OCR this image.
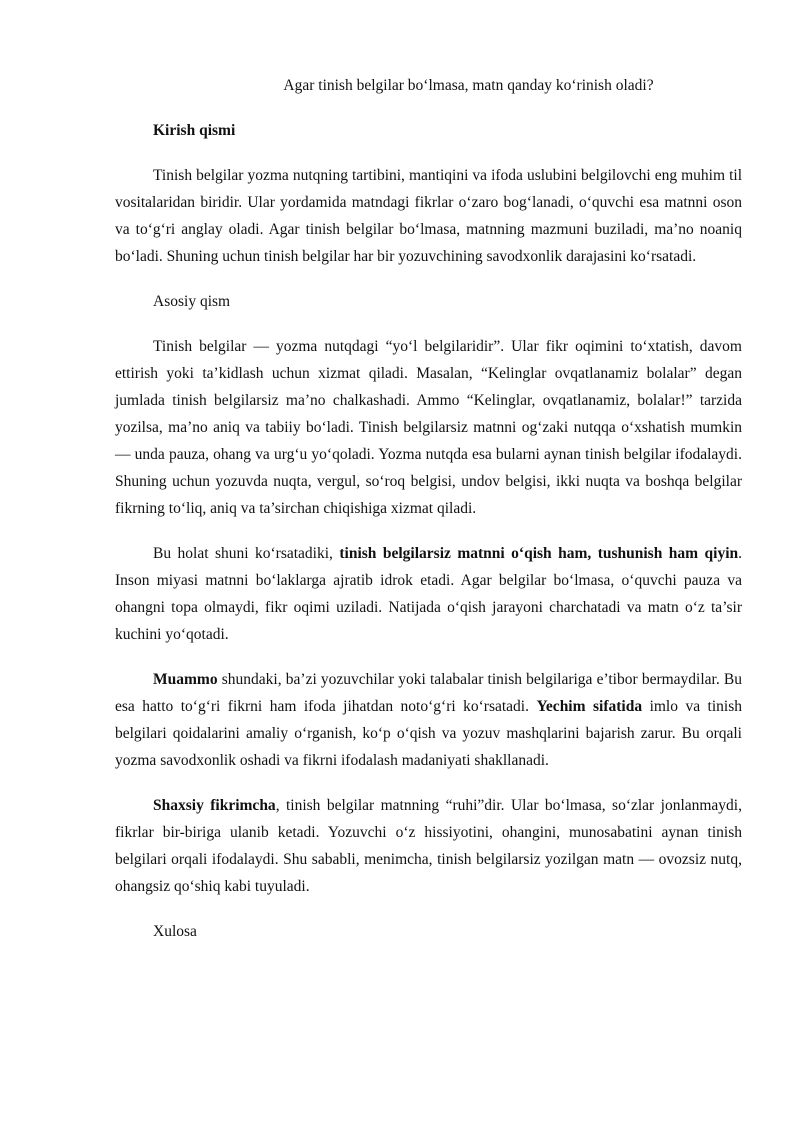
Agar tinish belgilar bo‘lmasa, matn qanday ko‘rinish oladi?
Kirish qismi

Tinish belgilar yozma nutqning tartibini, mantiqini va ifoda uslubini belgilovchi eng muhim til vositalaridan biridir. Ular yordamida matndagi fikrlar o‘zaro bog‘lanadi, o‘quvchi esa matnni oson va to‘g‘ri anglay oladi. Agar tinish belgilar bo‘lmasa, matnning mazmuni buziladi, ma’no noaniq bo‘ladi. Shuning uchun tinish belgilar har bir yozuvchining savodxonlik darajasini ko‘rsatadi.

Asosiy qism

Tinish belgilar — yozma nutqdagi “yo‘l belgilaridir”. Ular fikr oqimini to‘xtatish, davom ettirish yoki ta’kidlash uchun xizmat qiladi. Masalan, “Kelinglar ovqatlanamiz bolalar” degan jumlada tinish belgilarsiz ma’no chalkashadi. Ammo “Kelinglar, ovqatlanamiz, bolalar!” tarzida yozilsa, ma’no aniq va tabiiy bo‘ladi. Tinish belgilarsiz matnni og‘zaki nutqqa o‘xshatish mumkin — unda pauza, ohang va urg‘u yo‘qoladi. Yozma nutqda esa bularni aynan tinish belgilar ifodalaydi. Shuning uchun yozuvda nuqta, vergul, so‘roq belgisi, undov belgisi, ikki nuqta va boshqa belgilar fikrning to‘liq, aniq va ta’sirchan chiqishiga xizmat qiladi.

Bu holat shuni ko‘rsatadiki, tinish belgilarsiz matnni o‘qish ham, tushunish ham qiyin. Inson miyasi matnni bo‘laklarga ajratib idrok etadi. Agar belgilar bo‘lmasa, o‘quvchi pauza va ohangni topa olmaydi, fikr oqimi uziladi. Natijada o‘qish jarayoni charchatadi va matn o‘z ta’sir kuchini yo‘qotadi.

Muammo shundaki, ba’zi yozuvchilar yoki talabalar tinish belgilariga e’tibor bermaydilar. Bu esa hatto to‘g‘ri fikrni ham ifoda jihatdan noto‘g‘ri ko‘rsatadi. Yechim sifatida imlo va tinish belgilari qoidalarini amaliy o‘rganish, ko‘p o‘qish va yozuv mashqlarini bajarish zarur. Bu orqali yozma savodxonlik oshadi va fikrni ifodalash madaniyati shakllanadi.

Shaxsiy fikrimcha, tinish belgilar matnning “ruhi”dir. Ular bo‘lmasa, so‘zlar jonlanmaydi, fikrlar bir-biriga ulanib ketadi. Yozuvchi o‘z hissiyotini, ohangini, munosabatini aynan tinish belgilari orqali ifodalaydi. Shu sababli, menimcha, tinish belgilarsiz yozilgan matn — ovozsiz nutq, ohangsiz qo‘shiq kabi tuyuladi.

Xulosa
